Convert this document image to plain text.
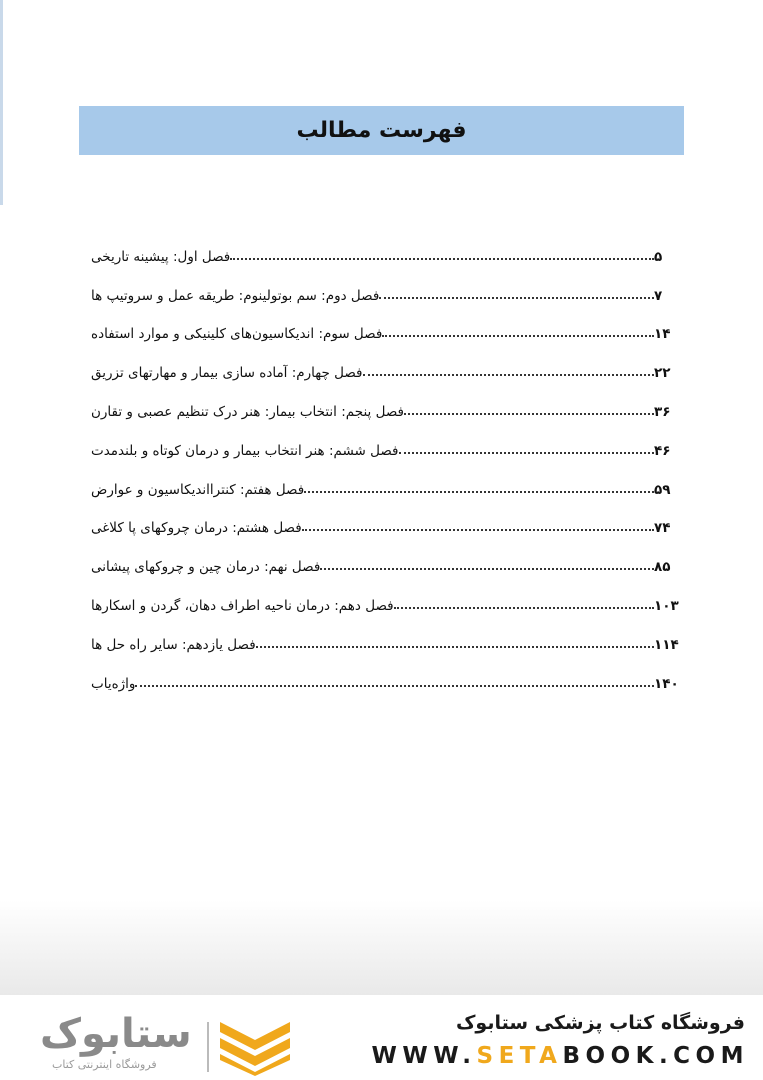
فهرست مطالب
فصل اول: پیشینه تاریخی	۵
فصل دوم: سم بوتولینوم: طریقه عمل و سروتیپ ها	۷
فصل سوم: اندیکاسیون‌های کلینیکی و موارد استفاده	۱۴
فصل چهارم: آماده سازی بیمار و مهارتهای تزریق	۲۲
فصل پنجم: انتخاب بیمار: هنر درک تنظیم عصبی و تقارن	۳۶
فصل ششم: هنر انتخاب بیمار و درمان کوتاه و بلندمدت	۴۶
فصل هفتم: کنترااندیکاسیون و عوارض	۵۹
فصل هشتم: درمان چروکهای پا کلاغی	۷۴
فصل نهم: درمان چین و چروکهای پیشانی	۸۵
فصل دهم: درمان ناحیه اطراف دهان، گردن و اسکارها	۱۰۳
فصل یازدهم: سایر راه حل ها	۱۱۴
واژه‌یاب	۱۴۰
ستابوک
فروشگاه اینترنتی کتاب
فروشگاه کتاب پزشکی ستابوک
WWW.SETABOOK.COM
